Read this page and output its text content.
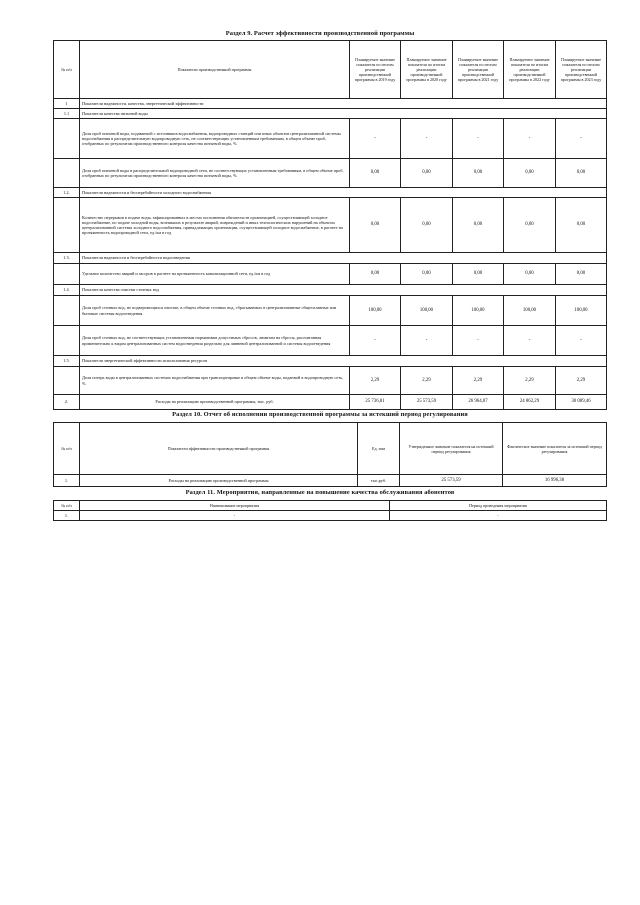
Раздел 9. Расчет эффективности производственной программы
№ п/п	Показатели производственной программы	Планируемое значение показателя по итогам реализации производственной программы в 2019 году	Планируемое значение показателя по итогам реализации производственной программы в 2020 году	Планируемое значение показателя по итогам реализации производственной программы в 2021 году	Планируемое значение показателя по итогам реализации производственной программы в 2022 году	Планируемое значение показателя по итогам реализации производственной программы в 2023 году
1	Показатели надежности, качества, энергетической эффективности					
1.1	Показатели качества питьевой воды					
	Доля проб питьевой воды, подаваемой с источников водоснабжения, водопроводных станций или иных объектов централизованной системы водоснабжения в распределительную водопроводную сеть, не соответствующих установленным требованиям, в общем объеме проб, отобранных по результатам производственного контроля качества питьевой воды, %	-	-	-	-	-
	Доля проб питьевой воды в распределительной водопроводной сети, не соответствующих установленным требованиям, в общем объеме проб, отобранных по результатам производственного контроля качества питьевой воды, %	0,00	0,00	0,00	0,00	0,00
1.2.	Показатели надежности и бесперебойности холодного водоснабжения					
	Количество перерывов в подаче воды, зафиксированных в местах исполнения обязательств организацией, осуществляющей холодное водоснабжение, по подаче холодной воды, возникших в результате аварий, повреждений и иных технологических нарушений на объектах централизованной системы холодного водоснабжения, принадлежащих организации, осуществляющей холодное водоснабжение, в расчете на протяженность водопроводной сети, ед./км в год	0,00	0,00	0,00	0,00	0,00
1.3.	Показатели надежности и бесперебойности водоотведения					
	Удельное количество аварий и засоров в расчете на протяженность канализационной сети, ед./км в год	0,00	0,00	0,00	0,00	0,00
1.4.	Показатели качества очистки сточных вод					
	Доля проб сточных вод, не подвергающихся очистке, в общем объеме сточных вод, сбрасываемых в централизованные общесплавные или бытовые системы водоотведения	100,00	100,00	100,00	100,00	100,00
	Доля проб сточных вод, не соответствующих установленным нормативам допустимых сбросов, лимитам на сбросы, рассчитанная применительно к видам централизованных систем водоотведения раздельно для ливневой централизованной и системы водоотведения	-	-	-	-	-
1.5.	Показатели энергетической эффективности использования ресурсов					
	Доля потерь воды в централизованных системах водоснабжения при транспортировке в общем объеме воды, поданной в водопроводную сеть, %	2,29	2,29	2,29	2,29	2,29
2.	Расходы на реализацию производственной программы, тыс. руб.	25 736,81	25 573,59	26 964,87	24 862,29	30 089,46
Раздел 10. Отчет об исполнении производственной программы за истекший период регулирования
№ п/п	Показатели эффективности производственной программы	Ед. изм	Утвержденное значение показателя на истекший период регулирования	Фактическое значение показателя за истекший период регулирования
1.	Расходы на реализацию производственной программы	тыс.руб.	25 573,59	16 996,38
Раздел 11. Мероприятия, направленные на повышение качества обслуживания абонентов
№ п/п	Наименование мероприятия	Период проведения мероприятия
1.	-	-
